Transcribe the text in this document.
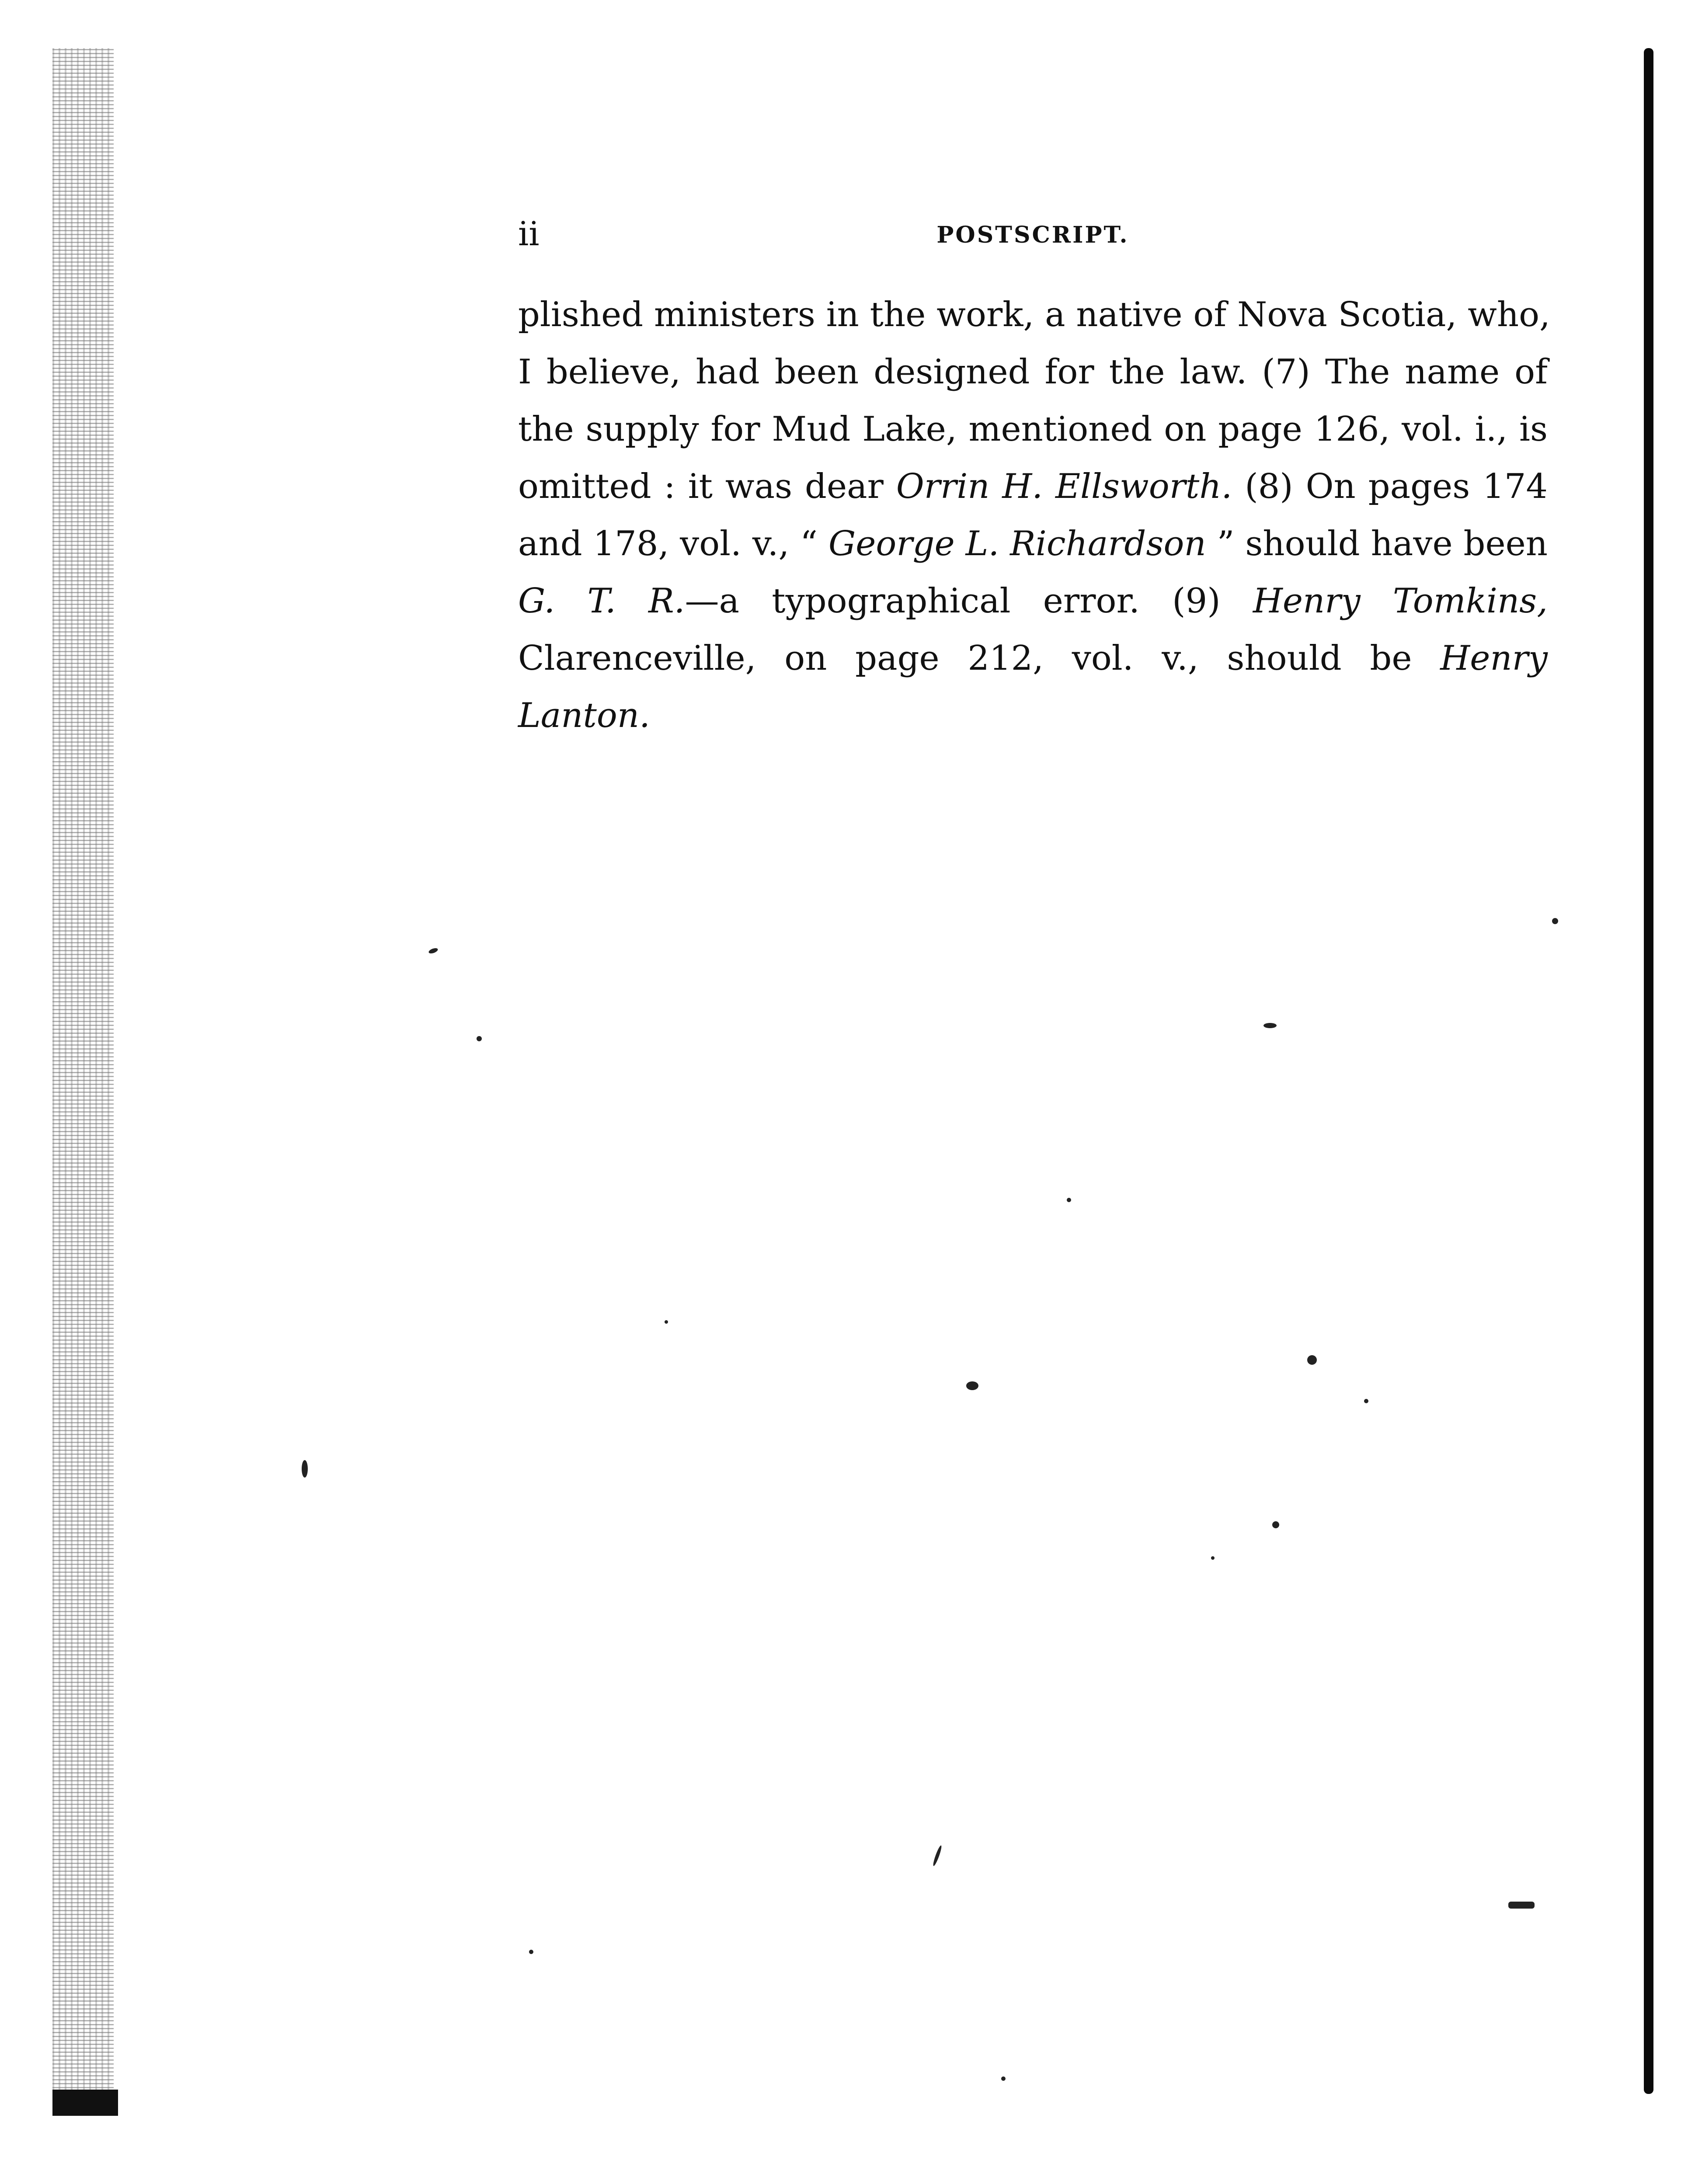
ii	POSTSCRIPT.
plished ministers in the work, a native of Nova Scotia, who,
I believe, had been designed for the law. (7) The name of
the supply for Mud Lake, mentioned on page 126, vol. i., is
omitted : it was dear Orrin H. Ellsworth. (8) On pages 174
and 178, vol. v., “ George L. Richardson ” should have been
G. T. R.—a typographical error. (9) Henry Tomkins,
Clarenceville, on page 212, vol. v., should be Henry
Lanton.
